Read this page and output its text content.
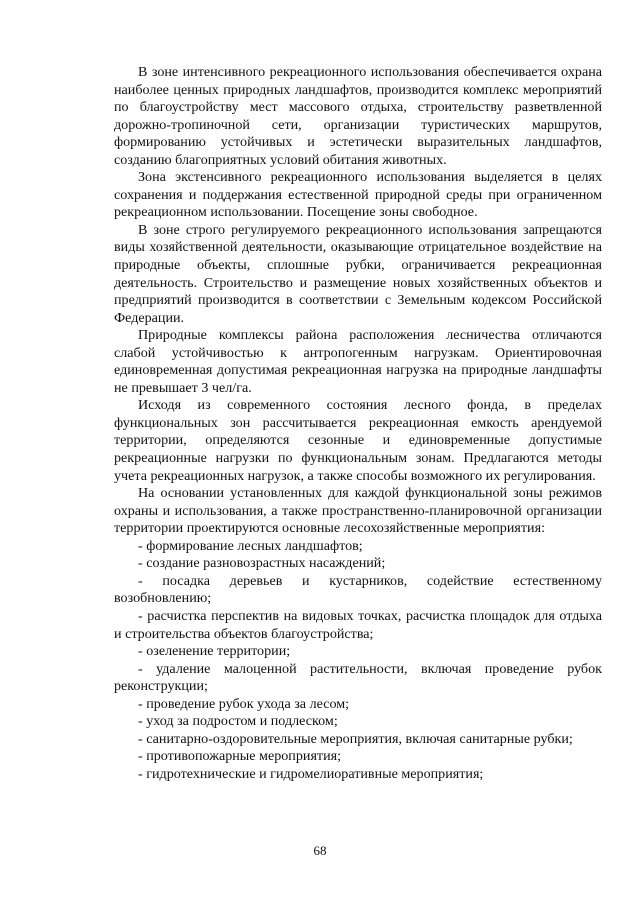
В зоне интенсивного рекреационного использования обеспечивается охрана наиболее ценных природных ландшафтов, производится комплекс мероприятий по благоустройству мест массового отдыха, строительству разветвленной дорожно-тропиночной сети, организации туристических маршрутов, формированию устойчивых и эстетически выразительных ландшафтов, созданию благоприятных условий обитания животных.

Зона экстенсивного рекреационного использования выделяется в целях сохранения и поддержания естественной природной среды при ограниченном рекреационном использовании. Посещение зоны свободное.

В зоне строго регулируемого рекреационного использования запрещаются виды хозяйственной деятельности, оказывающие отрицательное воздействие на природные объекты, сплошные рубки, ограничивается рекреационная деятельность. Строительство и размещение новых хозяйственных объектов и предприятий производится в соответствии с Земельным кодексом Российской Федерации.

Природные комплексы района расположения лесничества отличаются слабой устойчивостью к антропогенным нагрузкам. Ориентировочная единовременная допустимая рекреационная нагрузка на природные ландшафты не превышает 3 чел/га.

Исходя из современного состояния лесного фонда, в пределах функциональных зон рассчитывается рекреационная емкость арендуемой территории, определяются сезонные и единовременные допустимые рекреационные нагрузки по функциональным зонам. Предлагаются методы учета рекреационных нагрузок, а также способы возможного их регулирования.

На основании установленных для каждой функциональной зоны режимов охраны и использования, а также пространственно-планировочной организации территории проектируются основные лесохозяйственные мероприятия:

- формирование лесных ландшафтов;

- создание разновозрастных насаждений;

- посадка деревьев и кустарников, содействие естественному возобновлению;

- расчистка перспектив на видовых точках, расчистка площадок для отдыха и строительства объектов благоустройства;

- озеленение территории;

- удаление малоценной растительности, включая проведение рубок реконструкции;

- проведение рубок ухода за лесом;

- уход за подростом и подлеском;

- санитарно-оздоровительные мероприятия, включая санитарные рубки;

- противопожарные мероприятия;

- гидротехнические и гидромелиоративные мероприятия;

68
